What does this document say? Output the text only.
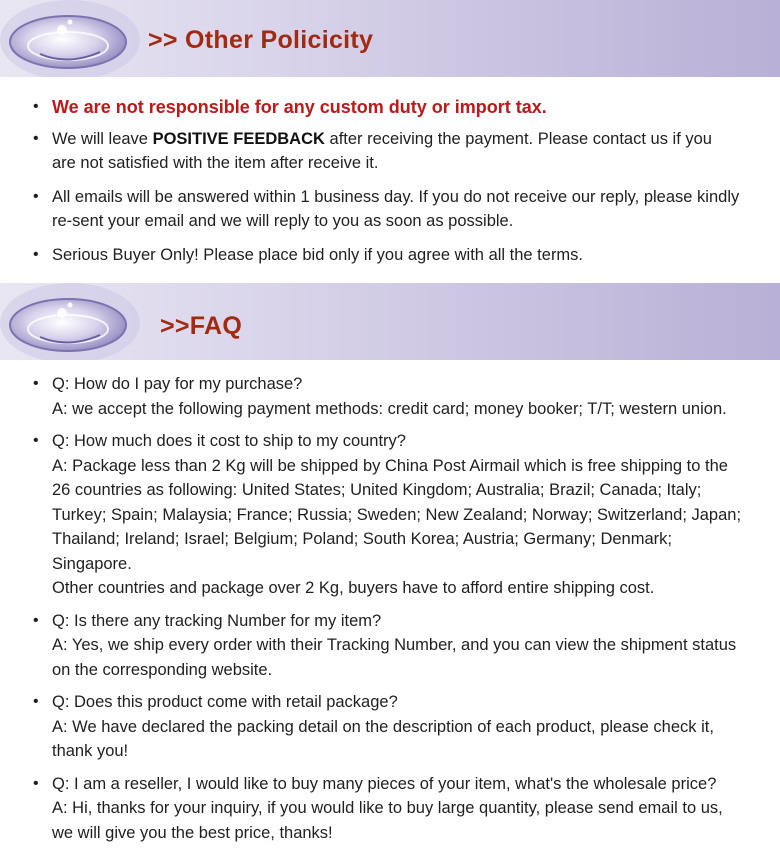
>> Other Policicity
• We are not responsible for any custom duty or import tax.
• We will leave POSITIVE FEEDBACK after receiving the payment. Please contact us if you
are not satisfied with the item after receive it.
• All emails will be answered within 1 business day. If you do not receive our reply, please kindly
re-sent your email and we will reply to you as soon as possible.
• Serious Buyer Only! Please place bid only if you agree with all the terms.
>>FAQ
• Q: How do I pay for my purchase?
A: we accept the following payment methods: credit card; money booker; T/T; western union.
• Q: How much does it cost to ship to my country?
A: Package less than 2 Kg will be shipped by China Post Airmail which is free shipping to the
26 countries as following: United States; United Kingdom; Australia; Brazil; Canada; Italy;
Turkey; Spain; Malaysia; France; Russia; Sweden; New Zealand; Norway; Switzerland; Japan;
Thailand; Ireland; Israel; Belgium; Poland; South Korea; Austria; Germany; Denmark;
Singapore.
Other countries and package over 2 Kg, buyers have to afford entire shipping cost.
• Q: Is there any tracking Number for my item?
A: Yes, we ship every order with their Tracking Number, and you can view the shipment status
on the corresponding website.
• Q: Does this product come with retail package?
A: We have declared the packing detail on the description of each product, please check it,
thank you!
• Q: I am a reseller, I would like to buy many pieces of your item, what's the wholesale price?
A: Hi, thanks for your inquiry, if you would like to buy large quantity, please send email to us,
we will give you the best price, thanks!
